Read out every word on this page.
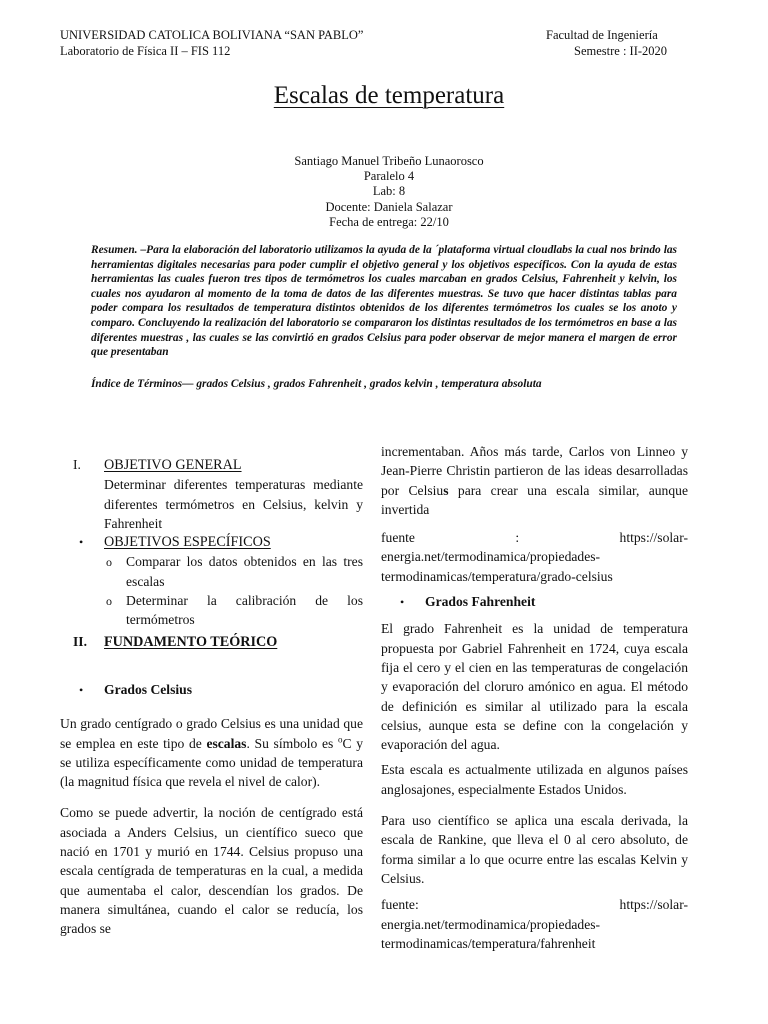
UNIVERSIDAD CATOLICA BOLIVIANA “SAN PABLO”
Laboratorio de Física II – FIS 112
Facultad de Ingeniería
Semestre : II-2020
Escalas de temperatura
Santiago Manuel Tribeño Lunaorosco
Paralelo 4
Lab: 8
Docente: Daniela Salazar
Fecha de entrega: 22/10
Resumen. –Para la elaboración del laboratorio utilizamos la ayuda de la ´plataforma virtual cloudlabs la cual nos brindo las herramientas digitales necesarias para poder cumplir el objetivo general y los objetivos específicos. Con la ayuda de estas herramientas las cuales fueron tres tipos de termómetros los cuales marcaban en grados Celsius, Fahrenheit y kelvin, los cuales nos ayudaron al momento de la toma de datos de las diferentes muestras. Se tuvo que hacer distintas tablas para poder compara los resultados de temperatura distintos obtenidos de los diferentes termómetros los cuales se los anoto y comparo. Concluyendo la realización del laboratorio se compararon los distintas resultados de los termómetros en base a las diferentes muestras , las cuales se las convirtió en grados Celsius para poder observar de mejor manera el margen de error que presentaban
Índice de Términos— grados Celsius , grados Fahrenheit , grados kelvin , temperatura absoluta
I.	OBJETIVO GENERAL
Determinar diferentes temperaturas mediante diferentes termómetros en Celsius, kelvin y Fahrenheit
•	OBJETIVOS ESPECÍFICOS
o	Comparar los datos obtenidos en las tres escalas
o	Determinar la calibración de los termómetros
II.	FUNDAMENTO TEÓRICO
•	Grados Celsius

Un grado centígrado o grado Celsius es una unidad que se emplea en este tipo de escalas. Su símbolo es $^o$C y se utiliza específicamente como unidad de temperatura (la magnitud física que revela el nivel de calor).

Como se puede advertir, la noción de centígrado está asociada a Anders Celsius, un científico sueco que nació en 1701 y murió en 1744. Celsius propuso una escala centígrada de temperaturas en la cual, a medida que aumentaba el calor, descendían los grados. De manera simultánea, cuando el calor se reducía, los grados se

incrementaban. Años más tarde, Carlos von Linneo y Jean-Pierre Christin partieron de las ideas desarrolladas por Celsius para crear una escala similar, aunque invertida

fuente	:	https://solar-
energia.net/termodinamica/propiedades-termodinamicas/temperatura/grado-celsius
•	Grados Fahrenheit

El grado Fahrenheit es la unidad de temperatura propuesta por Gabriel Fahrenheit en 1724, cuya escala fija el cero y el cien en las temperaturas de congelación y evaporación del cloruro amónico en agua. El método de definición es similar al utilizado para la escala celsius, aunque esta se define con la congelación y evaporación del agua.

Esta escala es actualmente utilizada en algunos países anglosajones, especialmente Estados Unidos.

Para uso científico se aplica una escala derivada, la escala de Rankine, que lleva el 0 al cero absoluto, de forma similar a lo que ocurre entre las escalas Kelvin y Celsius.

fuente:	https://solar-
energia.net/termodinamica/propiedades-termodinamicas/temperatura/fahrenheit
